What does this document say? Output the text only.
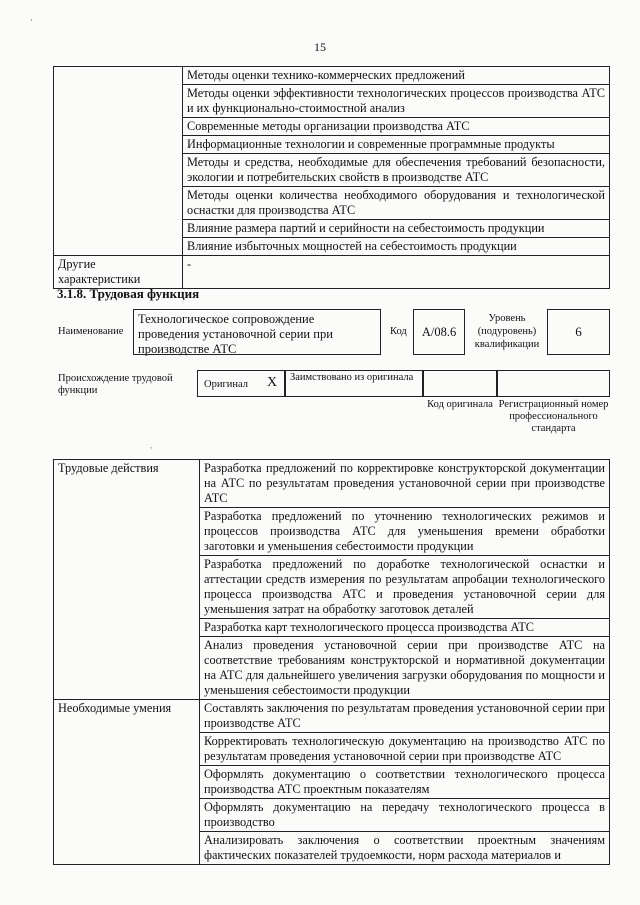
·
15
	Методы оценки технико-коммерческих предложений
	Методы оценки эффективности технологических процессов производства АТС и их функционально-стоимостной анализ
	Современные методы организации производства АТС
	Информационные технологии и современные программные продукты
	Методы и средства, необходимые для обеспечения требований безопасности, экологии и потребительских свойств в производстве АТС
	Методы оценки количества необходимого оборудования и технологической оснастки для производства АТС
	Влияние размера партий и серийности на себестоимость продукции
	Влияние избыточных мощностей на себестоимость продукции
Другие характеристики	-
3.1.8. Трудовая функция
Наименование
Технологическое сопровождение проведения установочной серии при производстве АТС
Код	А/08.6
Уровень (подуровень) квалификации
6
Происхождение трудовой функции
Оригинал X	Заимствовано из оригинала
Код оригинала Регистрационный номер профессионального стандарта
,
Трудовые действия	Разработка предложений по корректировке конструкторской документации на АТС по результатам проведения установочной серии при производстве АТС
	Разработка предложений по уточнению технологических режимов и процессов производства АТС для уменьшения времени обработки заготовки и уменьшения себестоимости продукции
	Разработка предложений по доработке технологической оснастки и аттестации средств измерения по результатам апробации технологического процесса производства АТС и проведения установочной серии для уменьшения затрат на обработку заготовок деталей
	Разработка карт технологического процесса производства АТС
	Анализ проведения установочной серии при производстве АТС на соответствие требованиям конструкторской и нормативной документации на АТС для дальнейшего увеличения загрузки оборудования по мощности и уменьшения себестоимости продукции
Необходимые умения	Составлять заключения по результатам проведения установочной серии при производстве АТС
	Корректировать технологическую документацию на производство АТС по результатам проведения установочной серии при производстве АТС
	Оформлять документацию о соответствии технологического процесса производства АТС проектным показателям
	Оформлять документацию на передачу технологического процесса в производство
	Анализировать заключения о соответствии проектным значениям фактических показателей трудоемкости, норм расхода материалов и
